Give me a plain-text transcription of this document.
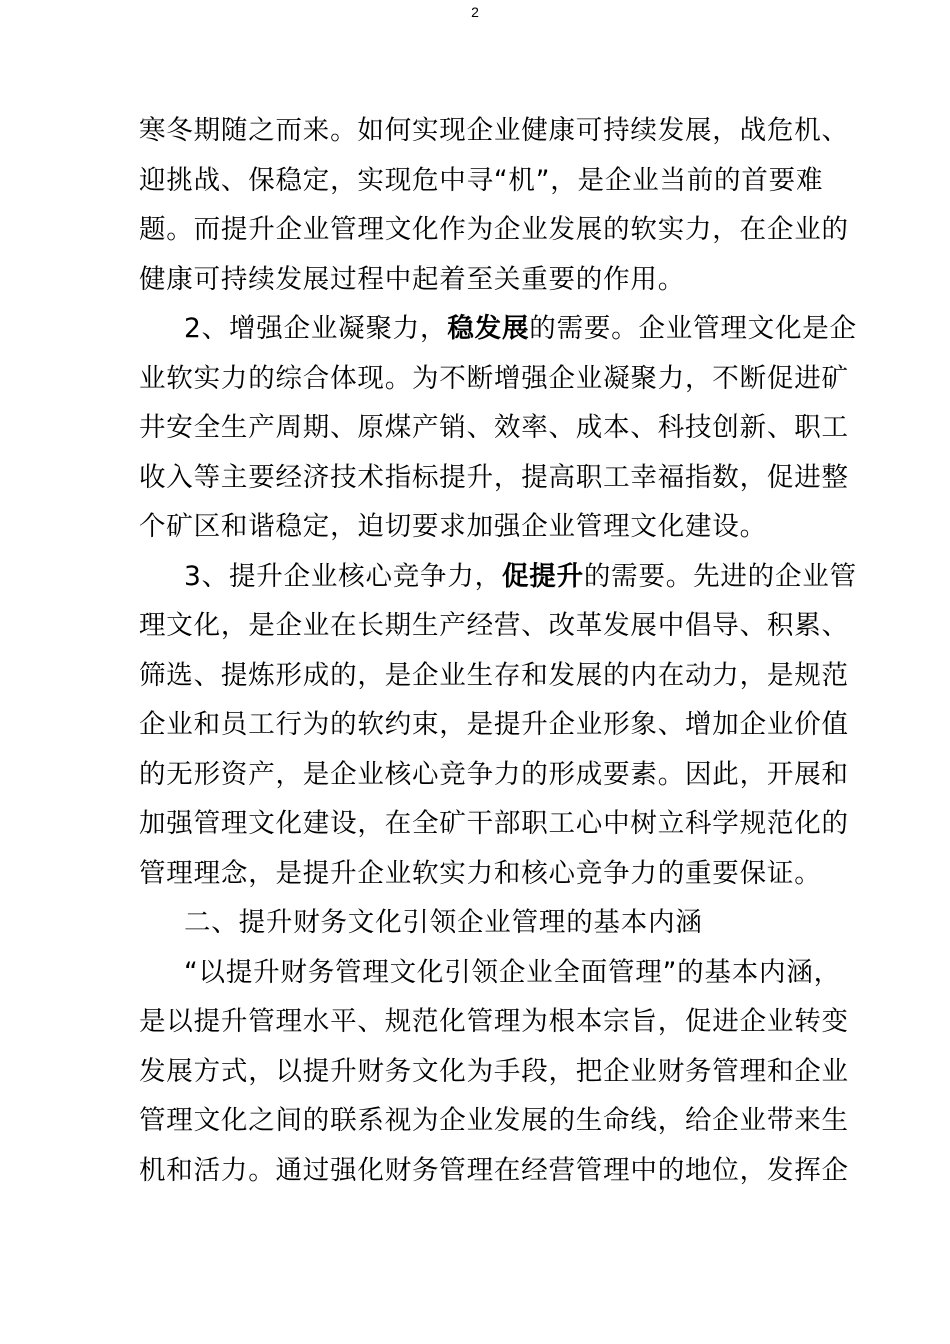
2
寒冬期随之而来。如何实现企业健康可持续发展，战危机、
迎挑战、保稳定，实现危中寻“机”，是企业当前的首要难
题。而提升企业管理文化作为企业发展的软实力，在企业的
健康可持续发展过程中起着至关重要的作用。
2、增强企业凝聚力，稳发展的需要。企业管理文化是企
业软实力的综合体现。为不断增强企业凝聚力，不断促进矿
井安全生产周期、原煤产销、效率、成本、科技创新、职工
收入等主要经济技术指标提升，提高职工幸福指数，促进整
个矿区和谐稳定，迫切要求加强企业管理文化建设。
3、提升企业核心竞争力，促提升的需要。先进的企业管
理文化，是企业在长期生产经营、改革发展中倡导、积累、
筛选、提炼形成的，是企业生存和发展的内在动力，是规范
企业和员工行为的软约束，是提升企业形象、增加企业价值
的无形资产，是企业核心竞争力的形成要素。因此，开展和
加强管理文化建设，在全矿干部职工心中树立科学规范化的
管理理念，是提升企业软实力和核心竞争力的重要保证。
二、提升财务文化引领企业管理的基本内涵
“以提升财务管理文化引领企业全面管理”的基本内涵，
是以提升管理水平、规范化管理为根本宗旨，促进企业转变
发展方式，以提升财务文化为手段，把企业财务管理和企业
管理文化之间的联系视为企业发展的生命线，给企业带来生
机和活力。通过强化财务管理在经营管理中的地位，发挥企
